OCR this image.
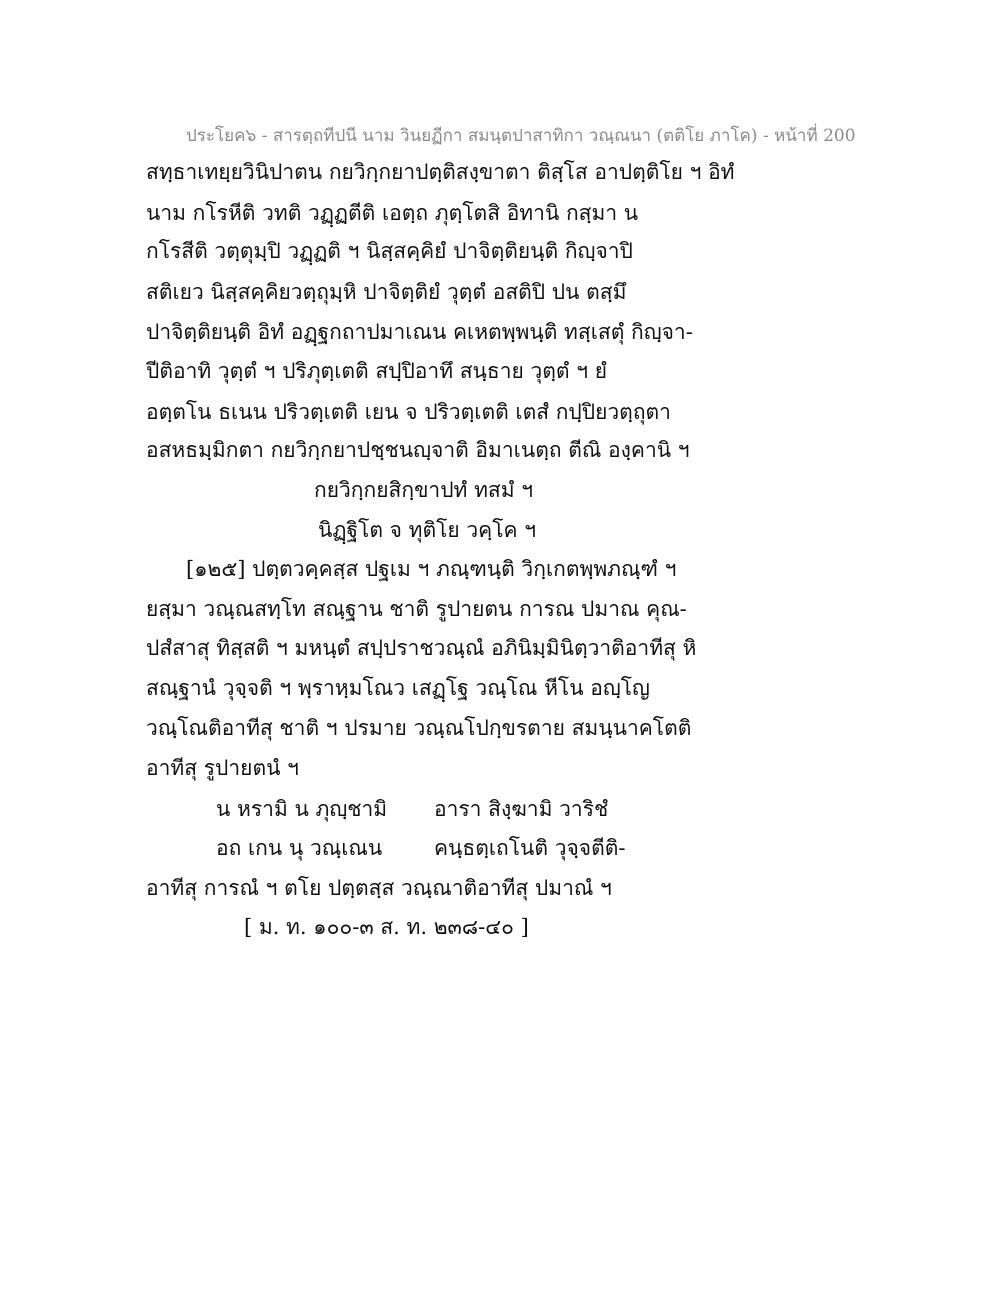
ประโยค๖ - สารตฺถทีปนี นาม วินยฏีกา สมนฺตปาสาทิกา วณฺณนา (ตติโย ภาโค) - หน้าที่ 200
สทฺธาเทยฺยวินิปาตน กยวิกฺกยาปตฺติสงฺขาตา ติสฺโส อาปตฺติโย ฯ อิทํ
นาม กโรหีติ วทติ วฏฺฏตีติ เอตฺถ ภุตฺโตสิ อิทานิ กสฺมา น
กโรสีติ วตฺตุมฺปิ วฏฺฏติ ฯ นิสฺสคฺคิยํ ปาจิตฺติยนฺติ กิญฺจาปิ
สติเยว นิสฺสคฺคิยวตฺถุมฺหิ ปาจิตฺติยํ วุตฺตํ อสติปิ ปน ตสฺมึ
ปาจิตฺติยนฺติ อิทํ อฏฺฐกถาปมาเณน คเหตพฺพนฺติ ทสฺเสตุํ กิญฺจา-
ปีติอาทิ วุตฺตํ ฯ ปริภุตฺเตติ สปฺปิอาทึ สนฺธาย วุตฺตํ ฯ ยํ
อตฺตโน ธเนน ปริวตฺเตติ เยน จ ปริวตฺเตติ เตสํ กปฺปิยวตฺถุตา
อสหธมฺมิกตา กยวิกฺกยาปชฺชนญฺจาติ อิมาเนตฺถ ตีณิ องฺคานิ ฯ
กยวิกฺกยสิกฺขาปทํ ทสมํ ฯ
นิฏฺฐิโต จ ทุติโย วคฺโค ฯ
[๑๒๕] ปตฺตวคฺคสฺส ปฐเม ฯ ภณฺฑนฺติ วิกฺเกตพฺพภณฺฑํ ฯ
ยสฺมา วณฺณสทฺโท สณฺฐาน ชาติ รูปายตน การณ ปมาณ คุณ-
ปสํสาสุ ทิสฺสติ ฯ มหนฺตํ สปฺปราชวณฺณํ อภินิมฺมินิตฺวาติอาทีสุ หิ
สณฺฐานํ วุจฺจติ ฯ พฺราหฺมโณว เสฏฺโฐ วณฺโณ หีโน อญฺโญ
วณฺโณติอาทีสุ ชาติ ฯ ปรมาย วณฺณโปกฺขรตาย สมนฺนาคโตติ
อาทีสุ รูปายตนํ ฯ
น หรามิ น ภุญฺชามิ อารา สิงฺฆามิ วาริชํ
อถ เกน นุ วณฺเณน คนฺธตฺเถโนติ วุจฺจตีติ-
อาทีสุ การณํ ฯ ตโย ปตฺตสฺส วณฺณาติอาทีสุ ปมาณํ ฯ
[ ม. ท. ๑๐๐-๓ ส. ท. ๒๓๘-๔๐ ]
